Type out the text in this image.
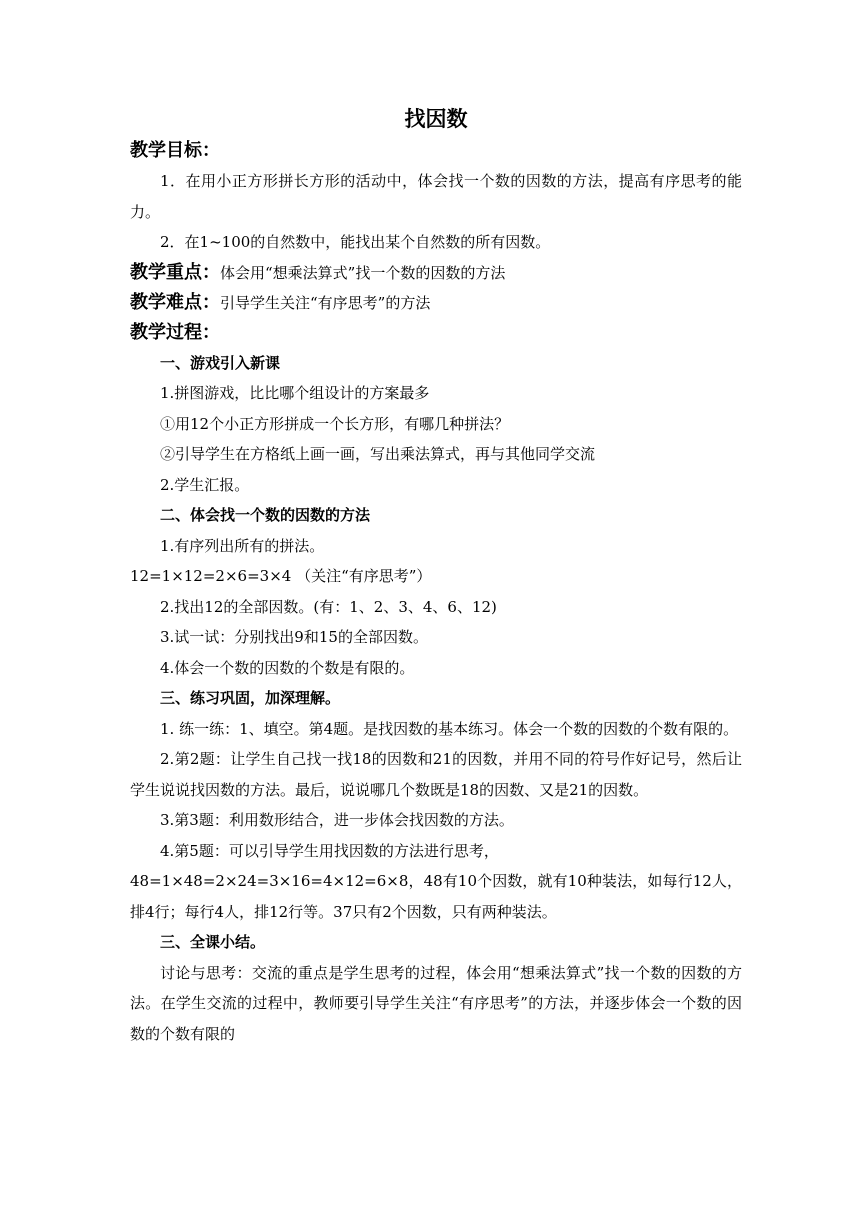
找因数
教学目标：

1．在用小正方形拼长方形的活动中，体会找一个数的因数的方法，提高有序思考的能力。

2．在1~100的自然数中，能找出某个自然数的所有因数。

教学重点：体会用“想乘法算式”找一个数的因数的方法
教学难点：引导学生关注“有序思考”的方法
教学过程：

一、游戏引入新课

1.拼图游戏，比比哪个组设计的方案最多

①用12个小正方形拼成一个长方形，有哪几种拼法？

②引导学生在方格纸上画一画，写出乘法算式，再与其他同学交流

2.学生汇报。

二、体会找一个数的因数的方法

1.有序列出所有的拼法。

12=1×12=2×6=3×4 （关注“有序思考”）

2.找出12的全部因数。(有：1、2、3、4、6、12)

3.试一试：分别找出9和15的全部因数。

4.体会一个数的因数的个数是有限的。

三、练习巩固，加深理解。

1. 练一练：1、填空。第4题。是找因数的基本练习。体会一个数的因数的个数有限的。

2.第2题：让学生自己找一找18的因数和21的因数，并用不同的符号作好记号，然后让学生说说找因数的方法。最后，说说哪几个数既是18的因数、又是21的因数。

3.第3题：利用数形结合，进一步体会找因数的方法。

4.第5题：可以引导学生用找因数的方法进行思考，

48=1×48=2×24=3×16=4×12=6×8，48有10个因数，就有10种装法，如每行12人，排4行；每行4人，排12行等。37只有2个因数，只有两种装法。

三、全课小结。

讨论与思考：交流的重点是学生思考的过程，体会用“想乘法算式”找一个数的因数的方法。在学生交流的过程中，教师要引导学生关注“有序思考”的方法，并逐步体会一个数的因数的个数有限的
